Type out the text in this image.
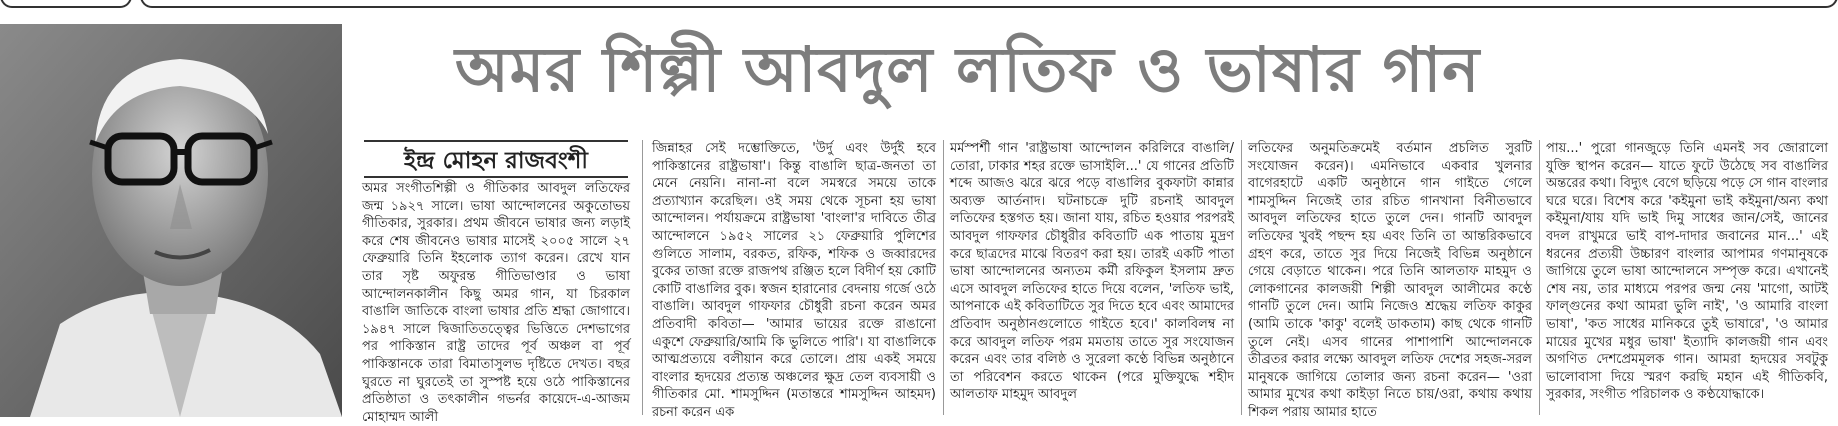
অমর শিল্পী আবদুল লতিফ ও ভাষার গান
ইন্দ্র মোহন রাজবংশী
অমর সংগীতশিল্পী ও গীতিকার আবদুল লতিফের জন্ম ১৯২৭ সালে। ভাষা আন্দোলনের অকুতোভয় গীতিকার, সুরকার। প্রথম জীবনে ভাষার জন্য লড়াই করে শেষ জীবনেও ভাষার মাসেই ২০০৫ সালে ২৭ ফেব্রুয়ারি তিনি ইহলোক ত্যাগ করেন। রেখে যান তার সৃষ্ট অফুরন্ত গীতিভাণ্ডার ও ভাষা আন্দোলনকালীন কিছু অমর গান, যা চিরকাল বাঙালি জাতিকে বাংলা ভাষার প্রতি শ্রদ্ধা জোগাবে। ১৯৪৭ সালে দ্বিজাতিতত্ত্বের ভিত্তিতে দেশভাগের পর পাকিস্তান রাষ্ট্র তাদের পূর্ব অঞ্চল বা পূর্ব পাকিস্তানকে তারা বিমাতাসুলভ দৃষ্টিতে দেখত। বছর ঘুরতে না ঘুরতেই তা সুস্পষ্ট হয়ে ওঠে পাকিস্তানের প্রতিষ্ঠাতা ও তৎকালীন গভর্নর কায়েদে-এ-আজম মোহাম্মদ আলী
জিন্নাহর সেই দম্ভোক্তিতে, 'উর্দু এবং উর্দুই হবে পাকিস্তানের রাষ্ট্রভাষা'। কিন্তু বাঙালি ছাত্র-জনতা তা মেনে নেয়নি। নানা-না বলে সমস্বরে সময়ে তাকে প্রত্যাখ্যান করেছিল। ওই সময় থেকে সূচনা হয় ভাষা আন্দোলন। পর্যায়ক্রমে রাষ্ট্রভাষা 'বাংলা'র দাবিতে তীব্র আন্দোলনে ১৯৫২ সালের ২১ ফেব্রুয়ারি পুলিশের গুলিতে সালাম, বরকত, রফিক, শফিক ও জব্বারদের বুকের তাজা রক্তে রাজপথ রঞ্জিত হলে বিদীর্ণ হয় কোটি কোটি বাঙালির বুক। স্বজন হারানোর বেদনায় গর্জে ওঠে বাঙালি। আবদুল গাফফার চৌধুরী রচনা করেন অমর প্রতিবাদী কবিতা— 'আমার ভায়ের রক্তে রাঙানো একুশে ফেব্রুয়ারি/আমি কি ভুলিতে পারি'। যা বাঙালিকে আত্মপ্রত্যয়ে বলীয়ান করে তোলে। প্রায় একই সময়ে বাংলার হৃদয়ের প্রত্যন্ত অঞ্চলের ক্ষুদ্র তেল ব্যবসায়ী ও গীতিকার মো. শামসুদ্দিন (মতান্তরে শামসুদ্দিন আহমদ) রচনা করেন এক
মর্মস্পর্শী গান 'রাষ্ট্রভাষা আন্দোলন করিলিরে বাঙালি/তোরা, ঢাকার শহর রক্তে ভাসাইলি...' যে গানের প্রতিটি শব্দে আজও ঝরে ঝরে পড়ে বাঙালির বুকফাটা কান্নার অব্যক্ত আর্তনাদ। ঘটনাচক্রে দুটি রচনাই আবদুল লতিফের হস্তগত হয়। জানা যায়, রচিত হওয়ার পরপরই আবদুল গাফফার চৌধুরীর কবিতাটি এক পাতায় মুদ্রণ করে ছাত্রদের মাঝে বিতরণ করা হয়। তারই একটি পাতা ভাষা আন্দোলনের অন্যতম কর্মী রফিকুল ইসলাম দ্রুত এসে আবদুল লতিফের হাতে দিয়ে বলেন, 'লতিফ ভাই, আপনাকে এই কবিতাটিতে সুর দিতে হবে এবং আমাদের প্রতিবাদ অনুষ্ঠানগুলোতে গাইতে হবে।' কালবিলম্ব না করে আবদুল লতিফ পরম মমতায় তাতে সুর সংযোজন করেন এবং তার বলিষ্ঠ ও সুরেলা কণ্ঠে বিভিন্ন অনুষ্ঠানে তা পরিবেশন করতে থাকেন (পরে মুক্তিযুদ্ধে শহীদ আলতাফ মাহমুদ আবদুল
লতিফের অনুমতিক্রমেই বর্তমান প্রচলিত সুরটি সংযোজন করেন)। এমনিভাবে একবার খুলনার বাগেরহাটে একটি অনুষ্ঠানে গান গাইতে গেলে শামসুদ্দিন নিজেই তার রচিত গানখানা বিনীতভাবে আবদুল লতিফের হাতে তুলে দেন। গানটি আবদুল লতিফের খুবই পছন্দ হয় এবং তিনি তা আন্তরিকভাবে গ্রহণ করে, তাতে সুর দিয়ে নিজেই বিভিন্ন অনুষ্ঠানে গেয়ে বেড়াতে থাকেন। পরে তিনি আলতাফ মাহমুদ ও লোকগানের কালজয়ী শিল্পী আবদুল আলীমের কণ্ঠে গানটি তুলে দেন। আমি নিজেও শ্রদ্ধেয় লতিফ কাকুর (আমি তাকে 'কাকু' বলেই ডাকতাম) কাছ থেকে গানটি তুলে নেই। এসব গানের পাশাপাশি আন্দোলনকে তীব্রতর করার লক্ষ্যে আবদুল লতিফ দেশের সহজ-সরল মানুষকে জাগিয়ে তোলার জন্য রচনা করেন— 'ওরা আমার মুখের কথা কাইড়া নিতে চায়/ওরা, কথায় কথায় শিকল পরায় আমার হাতে
পায়...' পুরো গানজুড়ে তিনি এমনই সব জোরালো যুক্তি স্থাপন করেন— যাতে ফুটে উঠেছে সব বাঙালির অন্তরের কথা। বিদ্যুৎ বেগে ছড়িয়ে পড়ে সে গান বাংলার ঘরে ঘরে। বিশেষ করে 'কইমুনা ভাই কইমুনা/অন্য কথা কইমুনা/যায় যদি ভাই দিমু সাধের জান/সেই, জানের বদল রাখুমরে ভাই বাপ-দাদার জবানের মান...' এই ধরনের প্রত্যয়ী উচ্চারণ বাংলার আপামর গণমানুষকে জাগিয়ে তুলে ভাষা আন্দোলনে সম্পৃক্ত করে। এখানেই শেষ নয়, তার মাধ্যমে পরপর জন্ম নেয় 'মাগো, আটই ফাল্গুনের কথা আমরা ভুলি নাই', 'ও আমারি বাংলা ভাষা', 'কত সাধের মানিকরে তুই ভাষারে', 'ও আমার মায়ের মুখের মধুর ভাষা' ইত্যাদি কালজয়ী গান এবং অগণিত দেশপ্রেমমূলক গান। আমরা হৃদয়ের সবটুকু ভালোবাসা দিয়ে স্মরণ করছি মহান এই গীতিকবি, সুরকার, সংগীত পরিচালক ও কণ্ঠযোদ্ধাকে।
